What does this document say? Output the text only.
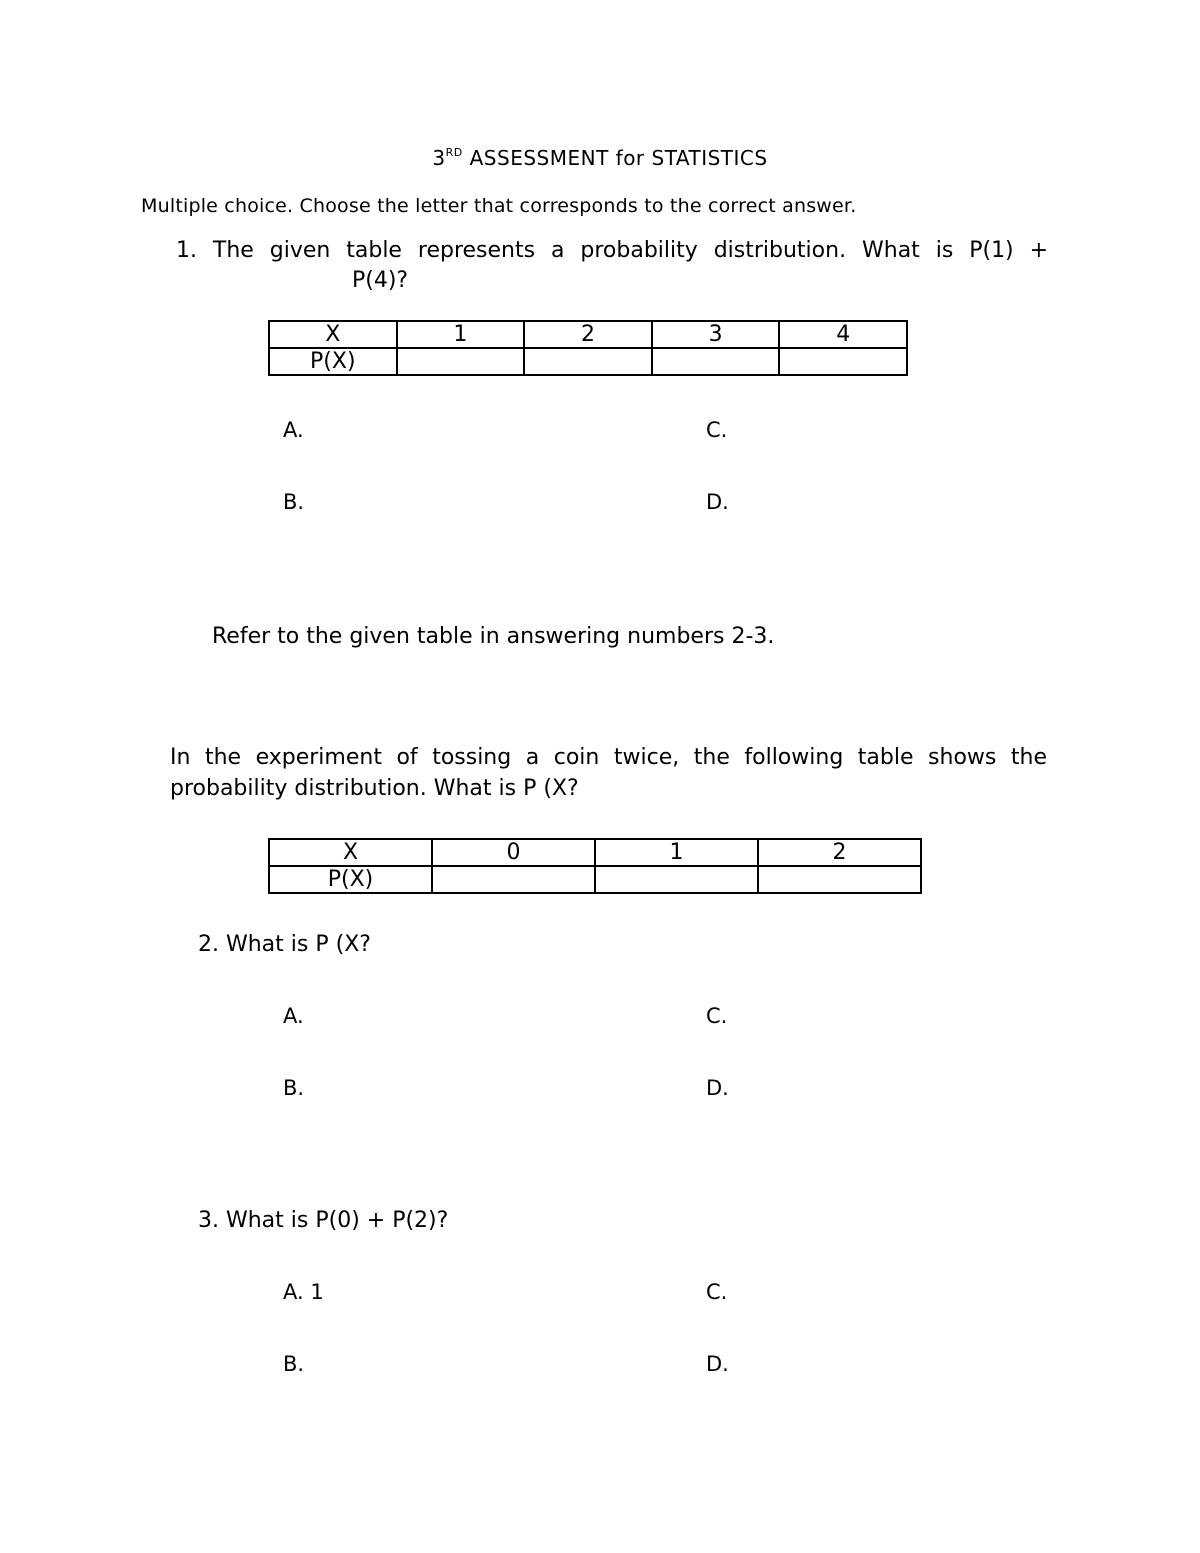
3RD ASSESSMENT for STATISTICS
Multiple choice. Choose the letter that corresponds to the correct answer.
1. The given table represents a probability distribution. What is P(1) +
P(4)?
X	1	2	3	4
P(X)				
A.	C.
B.	D.
Refer to the given table in answering numbers 2-3.
In the experiment of tossing a coin twice, the following table shows the
probability distribution. What is P (X?
X	0	1	2
P(X)			
2. What is P (X?
A.	C.
B.	D.
3. What is P(0) + P(2)?
A. 1	C.
B.	D.
